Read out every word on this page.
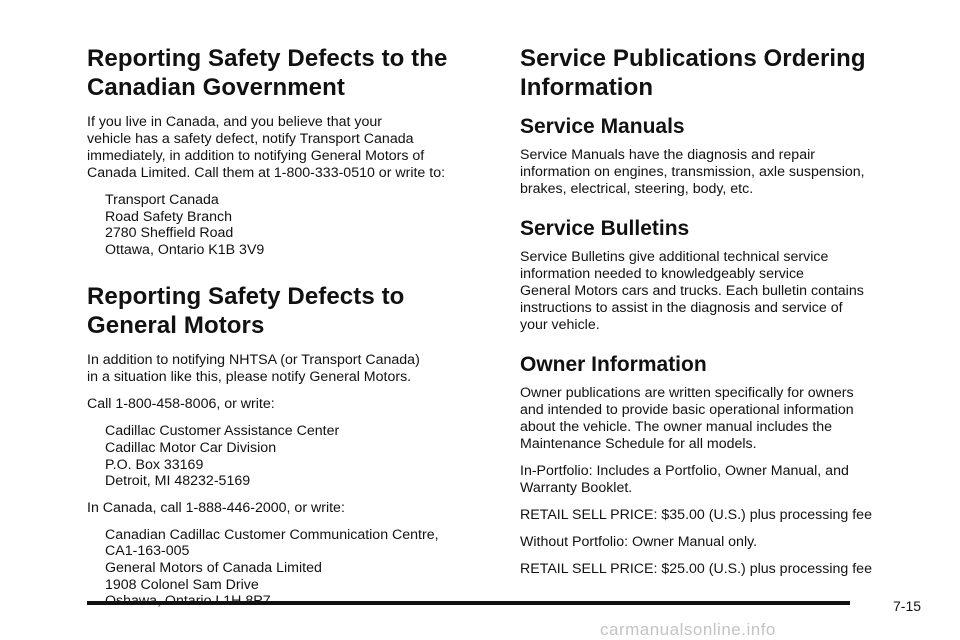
Reporting Safety Defects to the
Canadian Government

If you live in Canada, and you believe that your
vehicle has a safety defect, notify Transport Canada
immediately, in addition to notifying General Motors of
Canada Limited. Call them at 1-800-333-0510 or write to:

Transport Canada
Road Safety Branch
2780 Sheffield Road
Ottawa, Ontario K1B 3V9
Reporting Safety Defects to
General Motors

In addition to notifying NHTSA (or Transport Canada)
in a situation like this, please notify General Motors.

Call 1-800-458-8006, or write:

Cadillac Customer Assistance Center
Cadillac Motor Car Division
P.O. Box 33169
Detroit, MI 48232-5169

In Canada, call 1-888-446-2000, or write:

Canadian Cadillac Customer Communication Centre,
CA1-163-005
General Motors of Canada Limited
1908 Colonel Sam Drive
Service Publications Ordering
Information
Service Manuals

Service Manuals have the diagnosis and repair
information on engines, transmission, axle suspension,
brakes, electrical, steering, body, etc.

Service Bulletins

Service Bulletins give additional technical service
information needed to knowledgeably service
General Motors cars and trucks. Each bulletin contains
instructions to assist in the diagnosis and service of
your vehicle.

Owner Information

Owner publications are written specifically for owners
and intended to provide basic operational information
about the vehicle. The owner manual includes the
Maintenance Schedule for all models.

In-Portfolio: Includes a Portfolio, Owner Manual, and
Warranty Booklet.

RETAIL SELL PRICE: $35.00 (U.S.) plus processing fee

Without Portfolio: Owner Manual only.

RETAIL SELL PRICE: $25.00 (U.S.) plus processing fee

7-15
carmanualsonline.info
